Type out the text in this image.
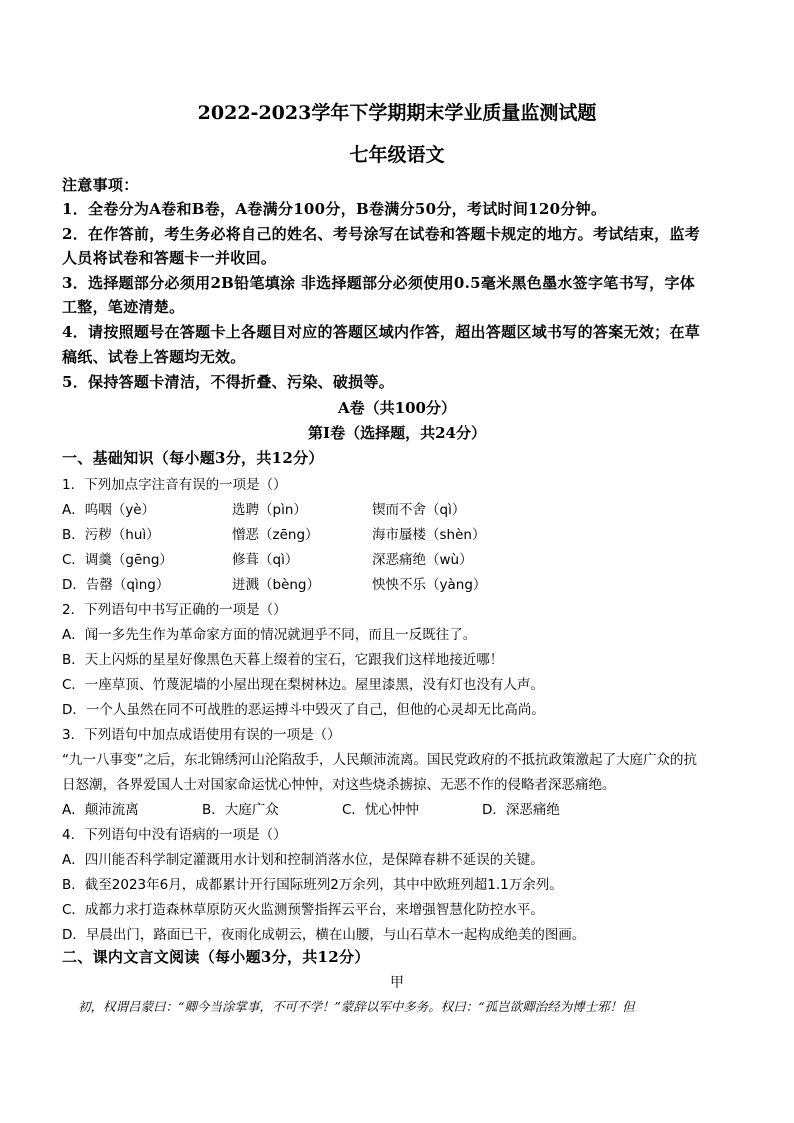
2022-2023学年下学期期末学业质量监测试题
七年级语文
注意事项：
1．全卷分为A卷和B卷，A卷满分100分，B卷满分50分，考试时间120分钟。
2．在作答前，考生务必将自己的姓名、考号涂写在试卷和答题卡规定的地方。考试结束，监考
人员将试卷和答题卡一并收回。
3．选择题部分必须用2B铅笔填涂 非选择题部分必须使用0.5毫米黑色墨水签字笔书写，字体
工整，笔迹清楚。
4．请按照题号在答题卡上各题目对应的答题区域内作答，超出答题区域书写的答案无效；在草
稿纸、试卷上答题均无效。
5．保持答题卡清洁，不得折叠、污染、破损等。
A卷（共100分）
第Ⅰ卷（选择题，共24分）
一、基础知识（每小题3分，共12分）
1．下列加点字注音有误的一项是（）
A．呜咽（yè）	选聘（pìn）	锲而不舍（qì）
B．污秽（huì）	憎恶（zēng）	海市蜃楼（shèn）
C．调羹（gēng）	修葺（qì）	深恶痛绝（wù）
D．告罄（qìng）	迸溅（bèng）	怏怏不乐（yàng）
2．下列语句中书写正确的一项是（）
A．闻一多先生作为革命家方面的情况就迥乎不同，而且一反既往了。
B．天上闪烁的星星好像黑色天暮上缀着的宝石，它跟我们这样地接近哪！
C．一座草顶、竹蔑泥墙的小屋出现在梨树林边。屋里漆黑，没有灯也没有人声。
D．一个人虽然在同不可战胜的恶运搏斗中毁灭了自己，但他的心灵却无比高尚。
3．下列语句中加点成语使用有误的一项是（）
“九一八事变”之后，东北锦绣河山沦陷敌手，人民颠沛流离。国民党政府的不抵抗政策激起了大庭广众的抗
日怒潮，各界爱国人士对国家命运忧心忡忡，对这些烧杀掳掠、无恶不作的侵略者深恶痛绝。
A．颠沛流离	B．大庭广众	C．忧心忡忡	D．深恶痛绝
4．下列语句中没有语病的一项是（）
A．四川能否科学制定灌溉用水计划和控制消落水位，是保障春耕不延误的关键。
B．截至2023年6月，成都累计开行国际班列2万余列，其中中欧班列超1.1万余列。
C．成都力求打造森林草原防灭火监测预警指挥云平台，来增强智慧化防控水平。
D．早晨出门，路面已干，夜雨化成朝云，横在山腰，与山石草木一起构成绝美的图画。
二、课内文言文阅读（每小题3分，共12分）
甲
初，权谓吕蒙曰：“卿今当涂掌事，不可不学！”蒙辞以军中多务。权曰：“孤岂欲卿治经为博士邪！但
